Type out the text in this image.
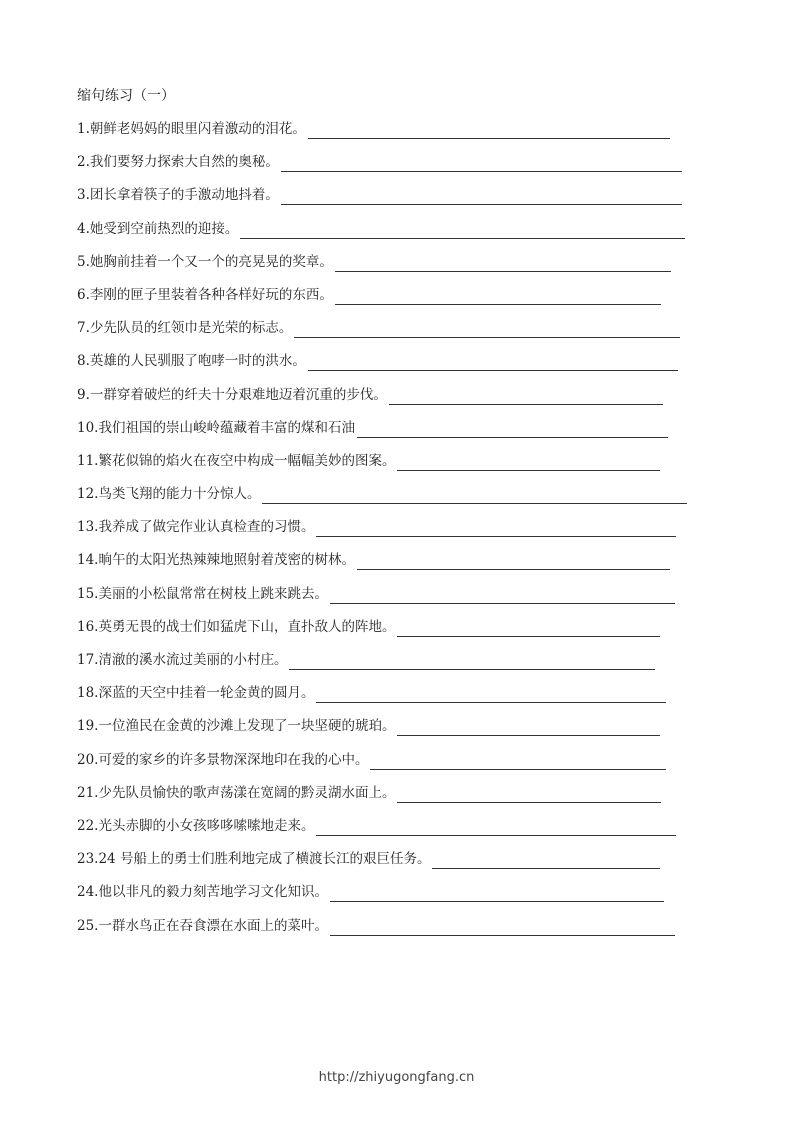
缩句练习（一）
1.朝鲜老妈妈的眼里闪着激动的泪花。
2.我们要努力探索大自然的奥秘。
3.团长拿着筷子的手激动地抖着。
4.她受到空前热烈的迎接。
5.她胸前挂着一个又一个的亮晃晃的奖章。
6.李刚的匣子里装着各种各样好玩的东西。
7.少先队员的红领巾是光荣的标志。
8.英雄的人民驯服了咆哮一时的洪水。
9.一群穿着破烂的纤夫十分艰难地迈着沉重的步伐。
10.我们祖国的崇山峻岭蕴藏着丰富的煤和石油
11.繁花似锦的焰火在夜空中构成一幅幅美妙的图案。
12.鸟类飞翔的能力十分惊人。
13.我养成了做完作业认真检查的习惯。
14.晌午的太阳光热辣辣地照射着茂密的树林。
15.美丽的小松鼠常常在树枝上跳来跳去。
16.英勇无畏的战士们如猛虎下山，直扑敌人的阵地。
17.清澈的溪水流过美丽的小村庄。
18.深蓝的天空中挂着一轮金黄的圆月。
19.一位渔民在金黄的沙滩上发现了一块坚硬的琥珀。
20.可爱的家乡的许多景物深深地印在我的心中。
21.少先队员愉快的歌声荡漾在宽阔的黔灵湖水面上。
22.光头赤脚的小女孩哆哆嗦嗦地走来。
23.24 号船上的勇士们胜利地完成了横渡长江的艰巨任务。
24.他以非凡的毅力刻苦地学习文化知识。
25.一群水鸟正在吞食漂在水面上的菜叶。
http://zhiyugongfang.cn
